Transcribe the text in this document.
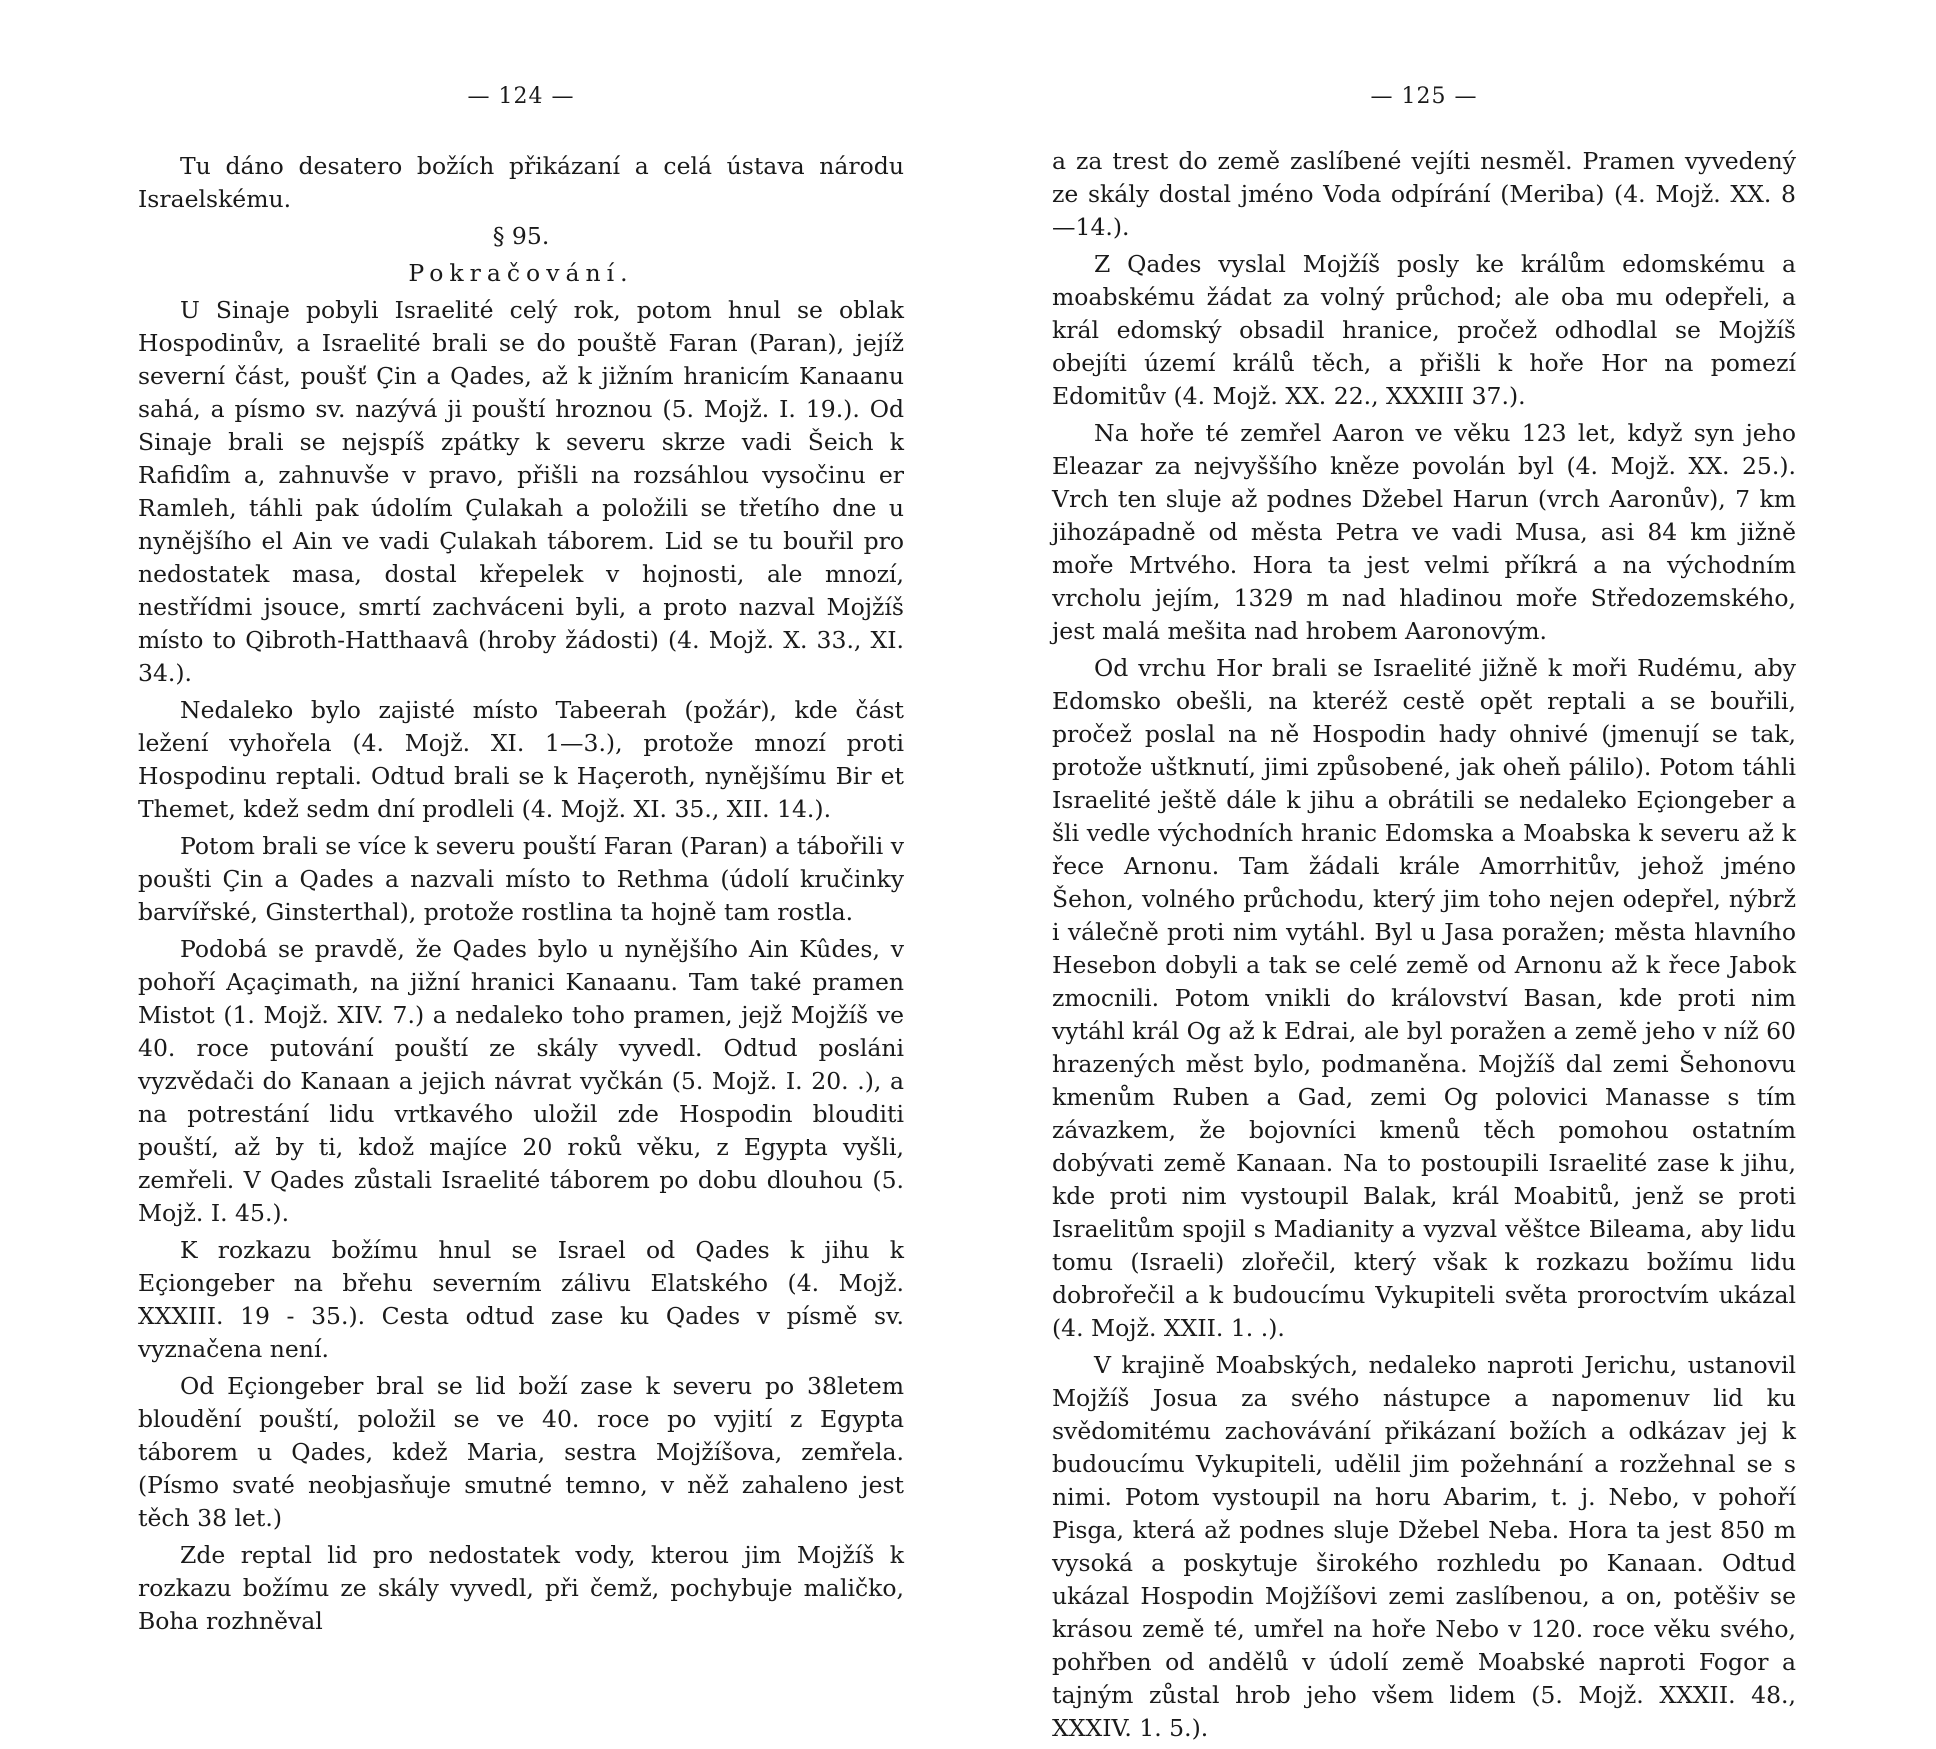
— 124 —

Tu dáno desatero božích přikázaní a celá ústava národu Israelskému.

§ 95.

Pokračování.

U Sinaje pobyli Israelité celý rok, potom hnul se oblak Hospodinův, a Israelité brali se do pouště Faran (Paran), jejíž severní část, poušť Çin a Qades, až k jižním hranicím Kanaanu sahá, a písmo sv. nazývá ji pouští hroznou (5. Mojž. I. 19.). Od Sinaje brali se nejspíš zpátky k severu skrze vadi Šeich k Rafidîm a, zahnuvše v pravo, přišli na rozsáhlou vysočinu er Ramleh, táhli pak údolím Çulakah a položili se třetího dne u nynějšího el Ain ve vadi Çulakah táborem. Lid se tu bouřil pro nedostatek masa, dostal křepelek v hojnosti, ale mnozí, nestřídmi jsouce, smrtí zachváceni byli, a proto nazval Mojžíš místo to Qibroth-Hatthaavâ (hroby žádosti) (4. Mojž. X. 33., XI. 34.).

Nedaleko bylo zajisté místo Tabeerah (požár), kde část ležení vyhořela (4. Mojž. XI. 1—3.), protože mnozí proti Hospodinu reptali. Odtud brali se k Haçeroth, nynějšímu Bir et Themet, kdež sedm dní prodleli (4. Mojž. XI. 35., XII. 14.).

Potom brali se více k severu pouští Faran (Paran) a tábořili v poušti Çin a Qades a nazvali místo to Rethma (údolí kručinky barvířské, Ginsterthal), protože rostlina ta hojně tam rostla.

Podobá se pravdě, že Qades bylo u nynějšího Ain Kûdes, v pohoří Açaçimath, na jižní hranici Kanaanu. Tam také pramen Mistot (1. Mojž. XIV. 7.) a nedaleko toho pramen, jejž Mojžíš ve 40. roce putování pouští ze skály vyvedl. Odtud posláni vyzvědači do Kanaan a jejich návrat vyčkán (5. Mojž. I. 20. .), a na potrestání lidu vrtkavého uložil zde Hospodin blouditi pouští, až by ti, kdož majíce 20 roků věku, z Egypta vyšli, zemřeli. V Qades zůstali Israelité táborem po dobu dlouhou (5. Mojž. I. 45.).

K rozkazu božímu hnul se Israel od Qades k jihu k Eçiongeber na břehu severním zálivu Elatského (4. Mojž. XXXIII. 19 - 35.). Cesta odtud zase ku Qades v písmě sv. vyznačena není.

Od Eçiongeber bral se lid boží zase k severu po 38letem bloudění pouští, položil se ve 40. roce po vyjití z Egypta táborem u Qades, kdež Maria, sestra Mojžíšova, zemřela. (Písmo svaté neobjasňuje smutné temno, v něž zahaleno jest těch 38 let.)

Zde reptal lid pro nedostatek vody, kterou jim Mojžíš k rozkazu božímu ze skály vyvedl, při čemž, pochybuje maličko, Boha rozhněval

— 125 —

a za trest do země zaslíbené vejíti nesměl. Pramen vyvedený ze skály dostal jméno Voda odpírání (Meriba) (4. Mojž. XX. 8—14.).

Z Qades vyslal Mojžíš posly ke králům edomskému a moabskému žádat za volný průchod; ale oba mu odepřeli, a král edomský obsadil hranice, pročež odhodlal se Mojžíš obejíti území králů těch, a přišli k hoře Hor na pomezí Edomitův (4. Mojž. XX. 22., XXXIII 37.).

Na hoře té zemřel Aaron ve věku 123 let, když syn jeho Eleazar za nejvyššího kněze povolán byl (4. Mojž. XX. 25.). Vrch ten sluje až podnes Džebel Harun (vrch Aaronův), 7 km jihozápadně od města Petra ve vadi Musa, asi 84 km jižně moře Mrtvého. Hora ta jest velmi příkrá a na východním vrcholu jejím, 1329 m nad hladinou moře Středozemského, jest malá mešita nad hrobem Aaronovým.

Od vrchu Hor brali se Israelité jižně k moři Rudému, aby Edomsko obešli, na kteréž cestě opět reptali a se bouřili, pročež poslal na ně Hospodin hady ohnivé (jmenují se tak, protože uštknutí, jimi způsobené, jak oheň pálilo). Potom táhli Israelité ještě dále k jihu a obrátili se nedaleko Eçiongeber a šli vedle východních hranic Edomska a Moabska k severu až k řece Arnonu. Tam žádali krále Amorrhitův, jehož jméno Šehon, volného průchodu, který jim toho nejen odepřel, nýbrž i válečně proti nim vytáhl. Byl u Jasa poražen; města hlavního Hesebon dobyli a tak se celé země od Arnonu až k řece Jabok zmocnili. Potom vnikli do království Basan, kde proti nim vytáhl král Og až k Edrai, ale byl poražen a země jeho v níž 60 hrazených měst bylo, podmaněna. Mojžíš dal zemi Šehonovu kmenům Ruben a Gad, zemi Og polovici Manasse s tím závazkem, že bojovníci kmenů těch pomohou ostatním dobývati země Kanaan. Na to postoupili Israelité zase k jihu, kde proti nim vystoupil Balak, král Moabitů, jenž se proti Israelitům spojil s Madianity a vyzval věštce Bileama, aby lidu tomu (Israeli) zlořečil, který však k rozkazu božímu lidu dobrořečil a k budoucímu Vykupiteli světa proroctvím ukázal (4. Mojž. XXII. 1. .).

V krajině Moabských, nedaleko naproti Jerichu, ustanovil Mojžíš Josua za svého nástupce a napomenuv lid ku svědomitému zachovávání přikázaní božích a odkázav jej k budoucímu Vykupiteli, udělil jim požehnání a rozžehnal se s nimi. Potom vystoupil na horu Abarim, t. j. Nebo, v pohoří Pisga, která až podnes sluje Džebel Neba. Hora ta jest 850 m vysoká a poskytuje širokého rozhledu po Kanaan. Odtud ukázal Hospodin Mojžíšovi zemi zaslíbenou, a on, potěšiv se krásou země té, umřel na hoře Nebo v 120. roce věku svého, pohřben od andělů v údolí země Moabské naproti Fogor a tajným zůstal hrob jeho všem lidem (5. Mojž. XXXII. 48., XXXIV. 1. 5.).
